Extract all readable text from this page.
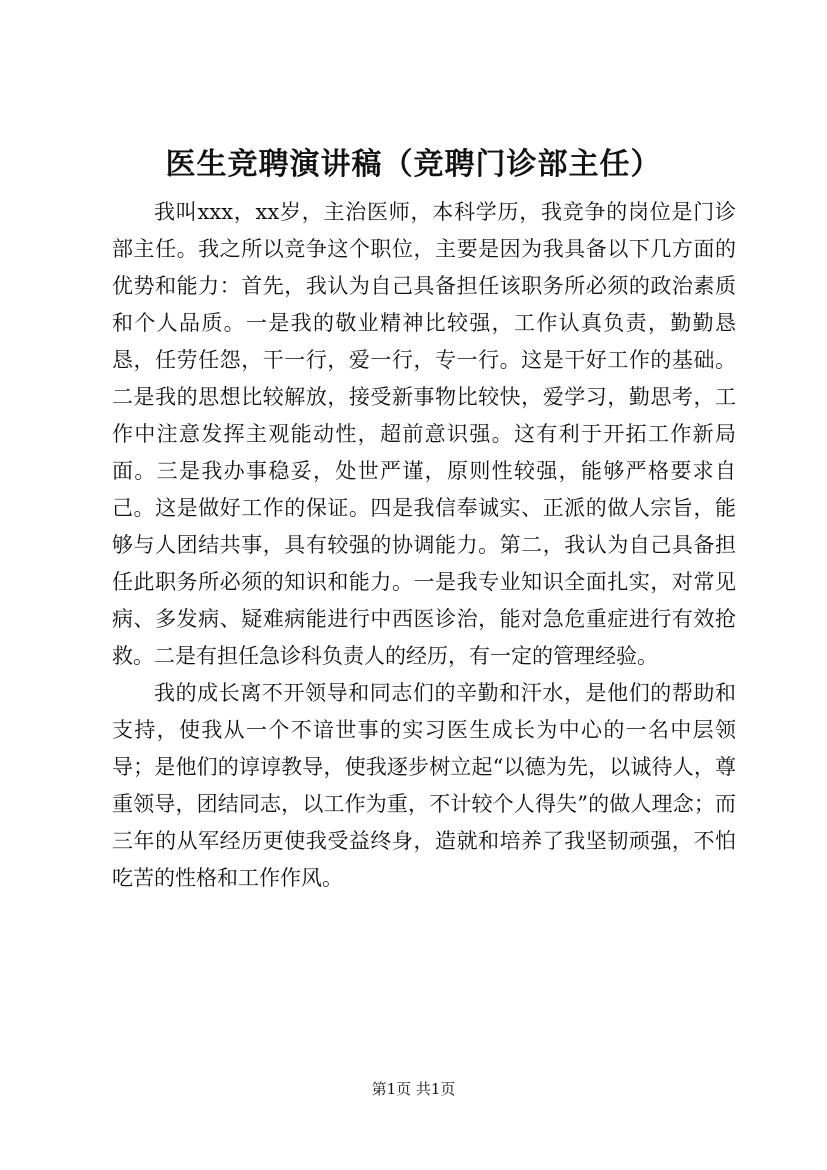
医生竞聘演讲稿（竞聘门诊部主任）

我叫xxx，xx岁，主治医师，本科学历，我竞争的岗位是门诊部主任。我之所以竞争这个职位，主要是因为我具备以下几方面的优势和能力：首先，我认为自己具备担任该职务所必须的政治素质和个人品质。一是我的敬业精神比较强，工作认真负责，勤勤恳恳，任劳任怨，干一行，爱一行，专一行。这是干好工作的基础。二是我的思想比较解放，接受新事物比较快，爱学习，勤思考，工作中注意发挥主观能动性，超前意识强。这有利于开拓工作新局面。三是我办事稳妥，处世严谨，原则性较强，能够严格要求自己。这是做好工作的保证。四是我信奉诚实、正派的做人宗旨，能够与人团结共事，具有较强的协调能力。第二，我认为自己具备担任此职务所必须的知识和能力。一是我专业知识全面扎实，对常见病、多发病、疑难病能进行中西医诊治，能对急危重症进行有效抢救。二是有担任急诊科负责人的经历，有一定的管理经验。

我的成长离不开领导和同志们的辛勤和汗水，是他们的帮助和支持，使我从一个不谙世事的实习医生成长为中心的一名中层领导；是他们的谆谆教导，使我逐步树立起“以德为先，以诚待人，尊重领导，团结同志，以工作为重，不计较个人得失”的做人理念；而三年的从军经历更使我受益终身，造就和培养了我坚韧顽强，不怕吃苦的性格和工作作风。

第1页 共1页
